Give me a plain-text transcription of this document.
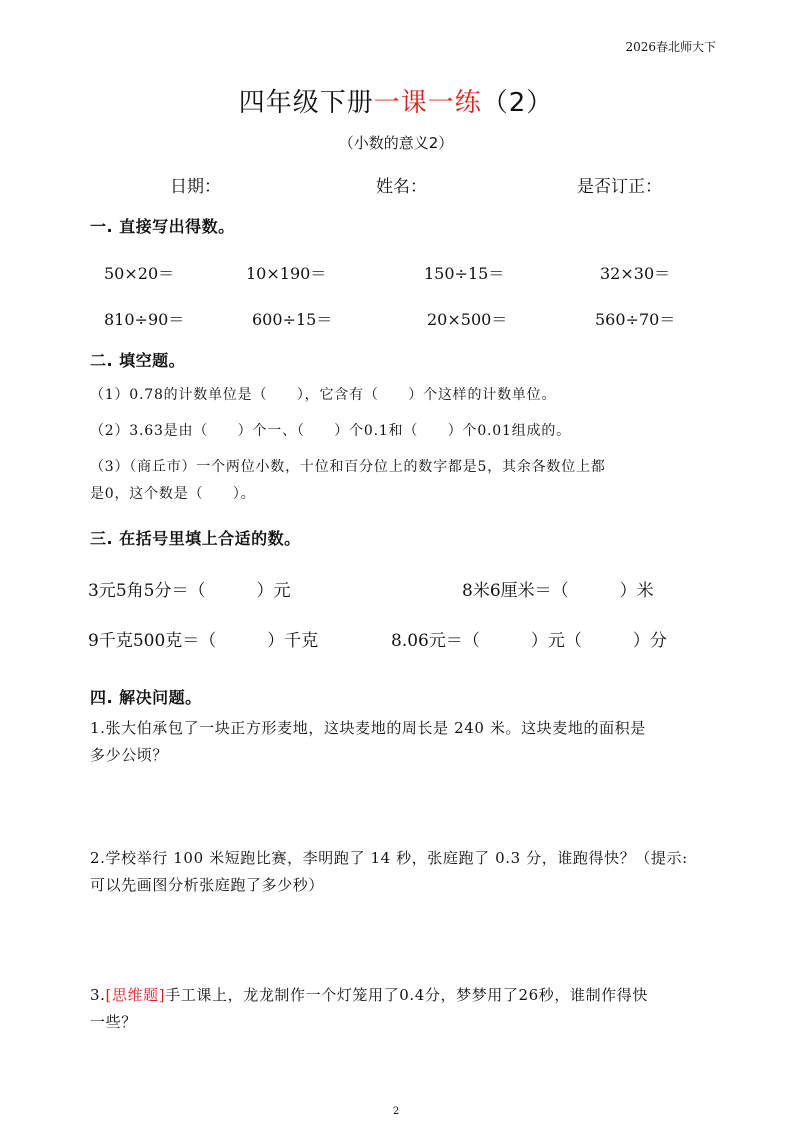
2026春北师大下
四年级下册一课一练（2）
（小数的意义2）
日期：	姓名：	是否订正：
一. 直接写出得数。
50×20＝	10×190＝	150÷15＝	32×30＝
810÷90＝	600÷15＝	20×500＝	560÷70＝
二. 填空题。
（1）0.78的计数单位是（　　），它含有（　　）个这样的计数单位。
（2）3.63是由（　　）个一、（　　）个0.1和（　　）个0.01组成的。
（3）（商丘市）一个两位小数，十位和百分位上的数字都是5，其余各数位上都
是0，这个数是（　　）。
三. 在括号里填上合适的数。
3元5角5分＝（　　　）元	8米6厘米＝（　　　）米
9千克500克＝（　　　）千克	8.06元＝（　　　）元（　　　）分
四. 解决问题。
1.张大伯承包了一块正方形麦地，这块麦地的周长是 240 米。这块麦地的面积是
多少公顷？
2.学校举行 100 米短跑比赛，李明跑了 14 秒，张庭跑了 0.3 分，谁跑得快？（提示:
可以先画图分析张庭跑了多少秒）
3.[思维题]手工课上，龙龙制作一个灯笼用了0.4分，梦梦用了26秒，谁制作得快
一些？
2
